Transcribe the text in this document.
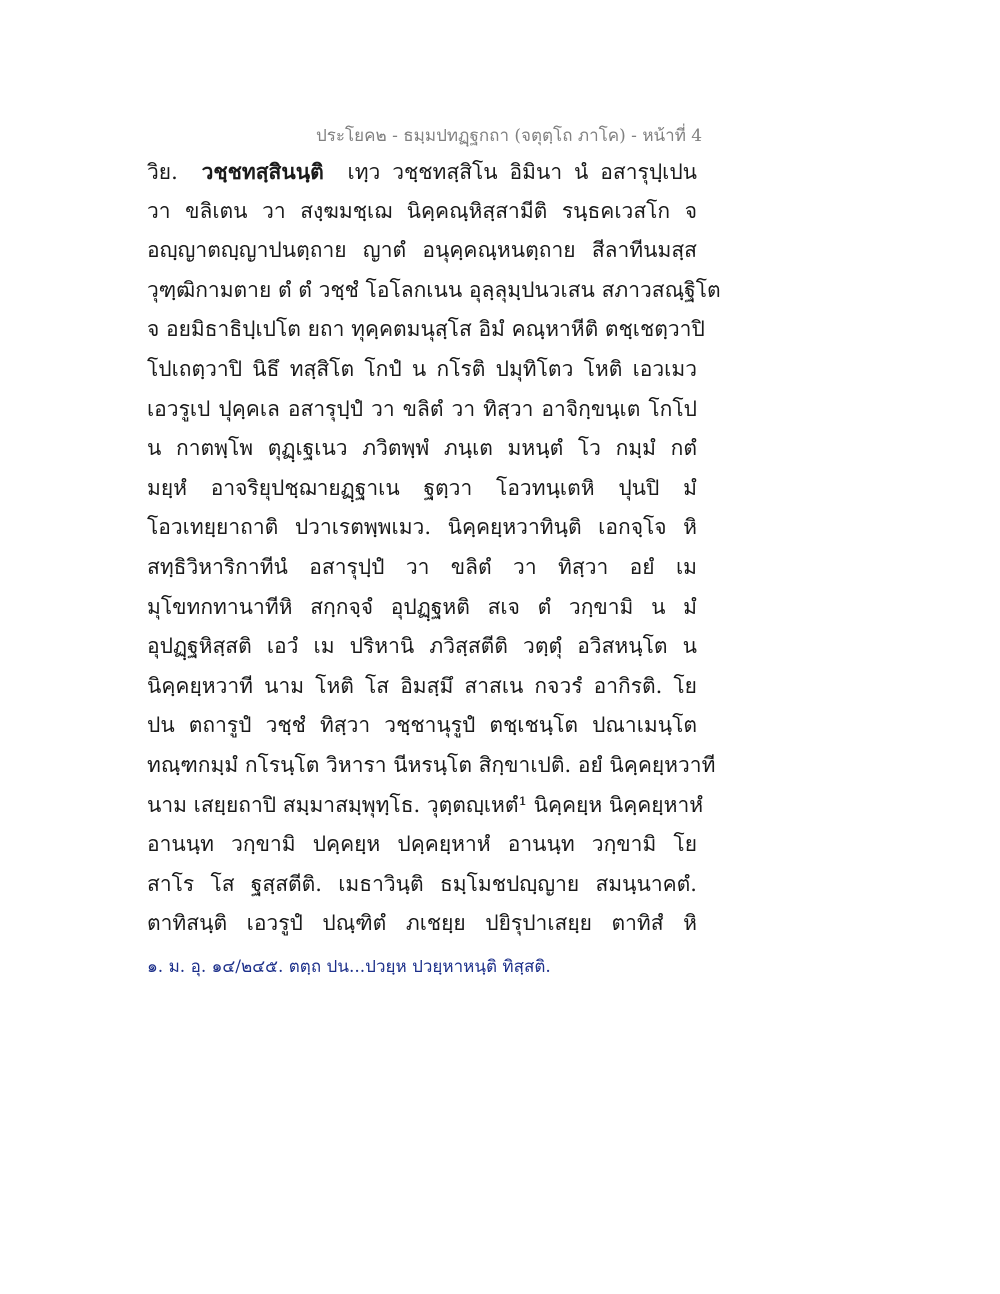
ประโยค๒ - ธมฺมปทฏฺฐกถา (จตุตฺโถ ภาโค) - หน้าที่ 4
วิย. วชฺชทสฺสินนฺติ เทฺว วชฺชทสฺสิโน อิมินา นํ อสารุปฺเปน
วา ขลิเตน วา สงฺฆมชฺเฌ นิคฺคณฺหิสฺสามีติ รนฺธคเวสโก จ
อญฺญาตญฺญาปนตฺถาย ญาตํ อนุคฺคณฺหนตฺถาย สีลาทีนมสฺส
วุฑฺฒิกามตาย ตํ ตํ วชฺชํ โอโลกเนน อุลฺลุมฺปนวเสน สภาวสณฺฐิโต
จ อยมิธาธิปฺเปโต ยถา ทุคฺคตมนุสฺโส อิมํ คณฺหาหีติ ตชฺเชตฺวาปิ
โปเถตฺวาปิ นิธึ ทสฺสิโต โกปํ น กโรติ ปมุทิโตว โหติ เอวเมว
เอวรูเป ปุคฺคเล อสารุปฺปํ วา ขลิตํ วา ทิสฺวา อาจิกฺขนฺเต โกโป
น กาตพฺโพ ตุฏฺเฐเนว ภวิตพฺพํ ภนฺเต มหนฺตํ โว กมฺมํ กตํ
มยฺหํ อาจริยุปชฺฌายฏฺฐาเน ฐตฺวา โอวทนฺเตหิ ปุนปิ มํ
โอวเทยฺยาถาติ ปวาเรตพฺพเมว. นิคฺคยฺหวาทินฺติ เอกจฺโจ หิ
สทฺธิวิหาริกาทีนํ อสารุปฺปํ วา ขลิตํ วา ทิสฺวา อยํ เม
มุโขทกทานาทีหิ สกฺกจฺจํ อุปฏฺฐหติ สเจ ตํ วกฺขามิ น มํ
อุปฏฺฐหิสฺสติ เอวํ เม ปริหานิ ภวิสฺสตีติ วตฺตุํ อวิสหนฺโต น
นิคฺคยฺหวาที นาม โหติ โส อิมสฺมึ สาสเน กจวรํ อากิรติ. โย
ปน ตถารูปํ วชฺชํ ทิสฺวา วชฺชานุรูปํ ตชฺเชนฺโต ปณาเมนฺโต
ทณฺฑกมฺมํ กโรนฺโต วิหารา นีหรนฺโต สิกฺขาเปติ. อยํ นิคฺคยฺหวาที
นาม เสยฺยถาปิ สมฺมาสมฺพุทฺโธ. วุตฺตญฺเหตํ¹ นิคฺคยฺห นิคฺคยฺหาหํ
อานนฺท วกฺขามิ ปคฺคยฺห ปคฺคยฺหาหํ อานนฺท วกฺขามิ โย
สาโร โส ฐสฺสตีติ. เมธาวินฺติ ธมฺโมชปญฺญาย สมนฺนาคตํ.
ตาทิสนฺติ เอวรูปํ ปณฺฑิตํ ภเชยฺย ปยิรุปาเสยฺย ตาทิสํ หิ
๑. ม. อุ. ๑๔/๒๔๕. ตตฺถ ปน...ปวยฺห ปวยฺหาหนฺติ ทิสฺสติ.
